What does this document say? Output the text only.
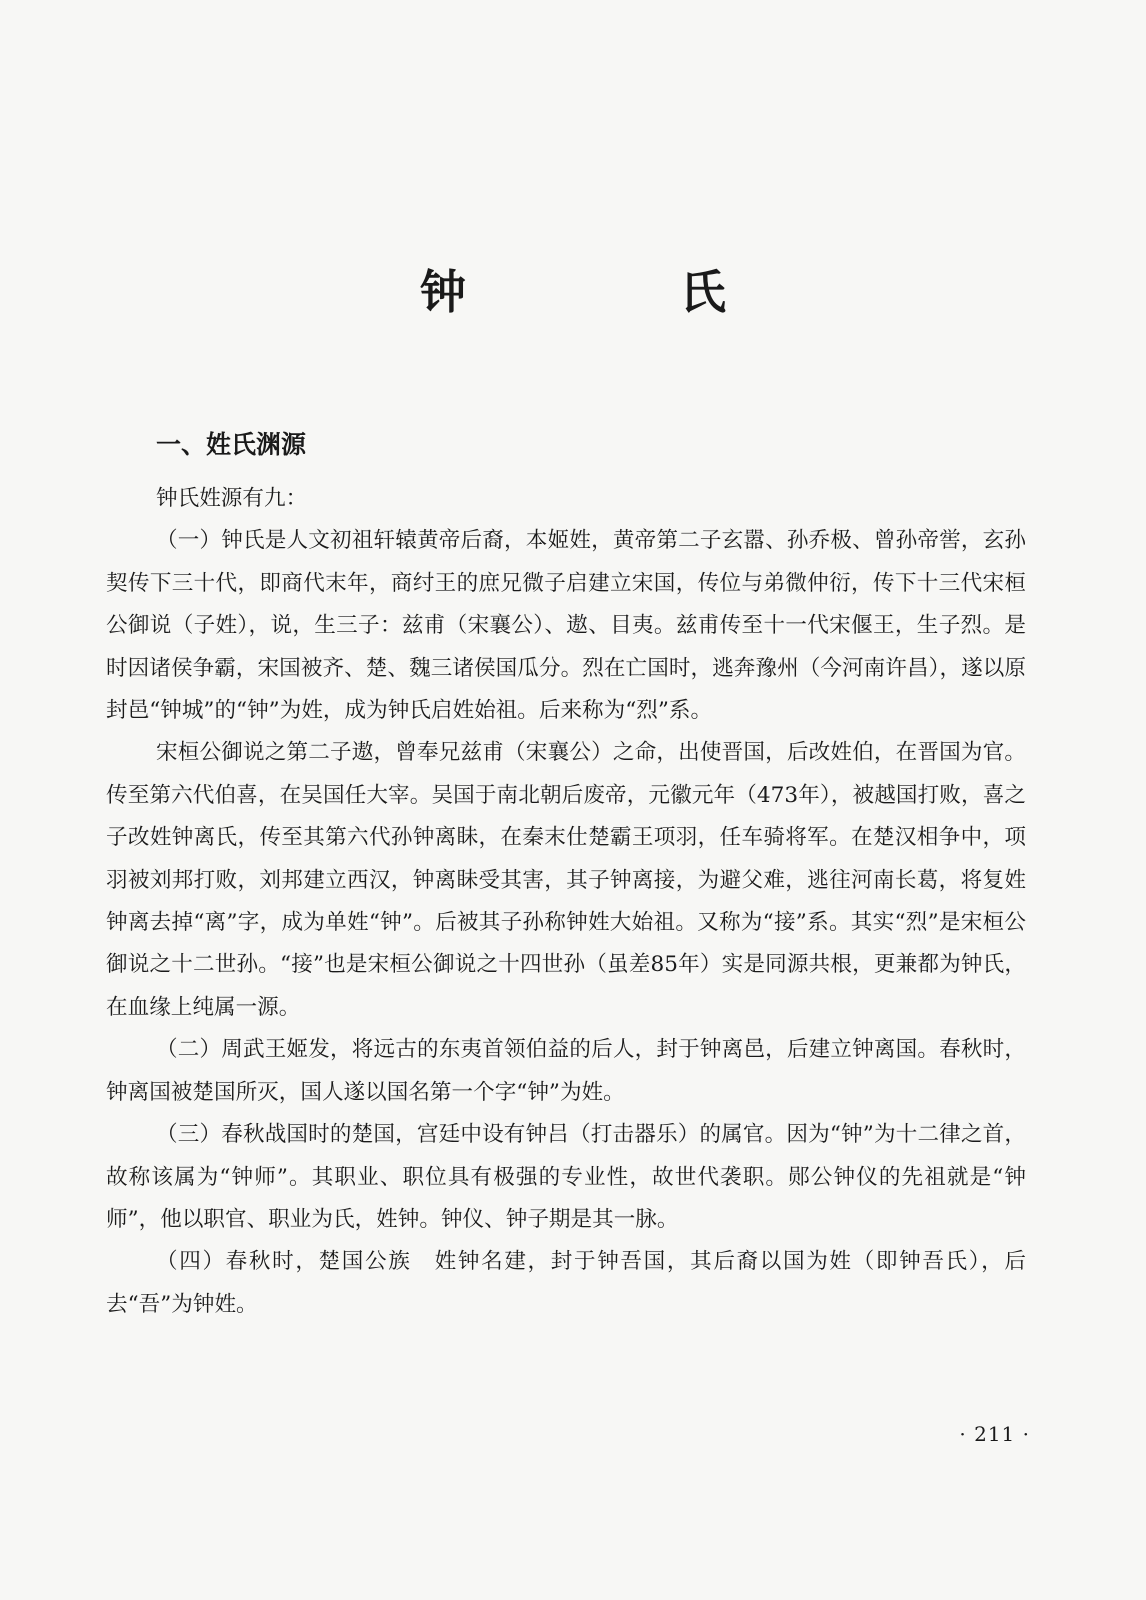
钟　氏
一、姓氏渊源

钟氏姓源有九：

（一）钟氏是人文初祖轩辕黄帝后裔，本姬姓，黄帝第二子玄嚣、孙乔极、曾孙帝喾，玄孙契传下三十代，即商代末年，商纣王的庶兄微子启建立宋国，传位与弟微仲衍，传下十三代宋桓公御说（子姓），说，生三子：兹甫（宋襄公）、遨、目夷。兹甫传至十一代宋偃王，生子烈。是时因诸侯争霸，宋国被齐、楚、魏三诸侯国瓜分。烈在亡国时，逃奔豫州（今河南许昌），遂以原封邑“钟城”的“钟”为姓，成为钟氏启姓始祖。后来称为“烈”系。

宋桓公御说之第二子遨，曾奉兄兹甫（宋襄公）之命，出使晋国，后改姓伯，在晋国为官。传至第六代伯喜，在吴国任大宰。吴国于南北朝后废帝，元徽元年（473年），被越国打败，喜之子改姓钟离氏，传至其第六代孙钟离眛，在秦末仕楚霸王项羽，任车骑将军。在楚汉相争中，项羽被刘邦打败，刘邦建立西汉，钟离眛受其害，其子钟离接，为避父难，逃往河南长葛，将复姓钟离去掉“离”字，成为单姓“钟”。后被其子孙称钟姓大始祖。又称为“接”系。其实“烈”是宋桓公御说之十二世孙。“接”也是宋桓公御说之十四世孙（虽差85年）实是同源共根，更兼都为钟氏，在血缘上纯属一源。

（二）周武王姬发，将远古的东夷首领伯益的后人，封于钟离邑，后建立钟离国。春秋时，钟离国被楚国所灭，国人遂以国名第一个字“钟”为姓。

（三）春秋战国时的楚国，宫廷中设有钟吕（打击器乐）的属官。因为“钟”为十二律之首，故称该属为“钟师”。其职业、职位具有极强的专业性，故世代袭职。郧公钟仪的先祖就是“钟师”，他以职官、职业为氏，姓钟。钟仪、钟子期是其一脉。

（四）春秋时，楚国公族　姓钟名建，封于钟吾国，其后裔以国为姓（即钟吾氏），后去“吾”为钟姓。

· 211 ·
